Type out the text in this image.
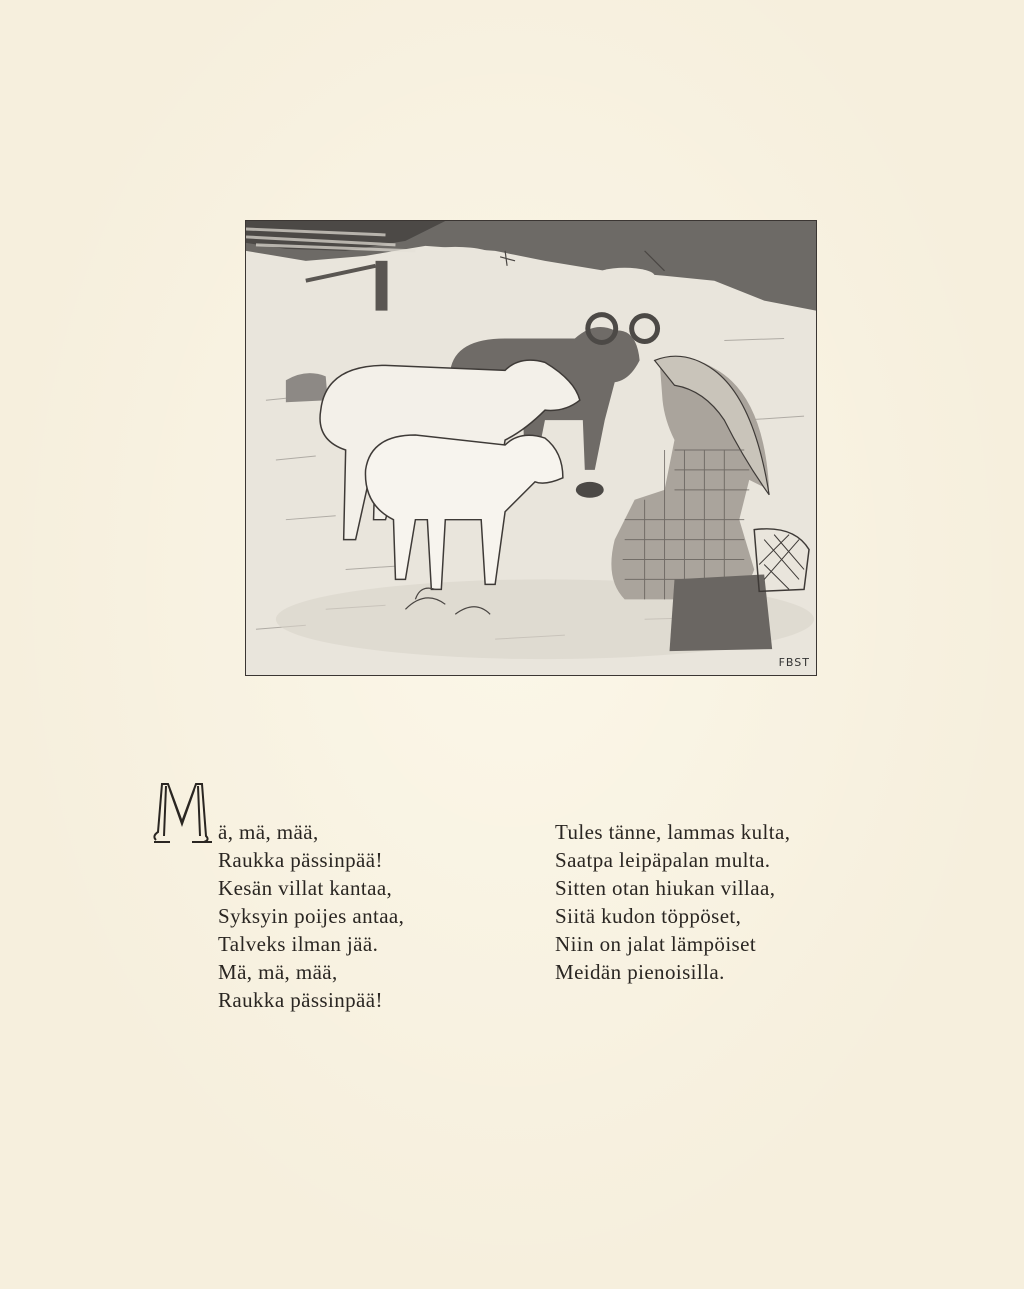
FBST
ä, mä, mää,
Raukka pässinpää!
Kesän villat kantaa,
Syksyin poijes antaa,
Talveks ilman jää.
Mä, mä, mää,
Raukka pässinpää!
Tules tänne, lammas kulta,
Saatpa leipäpalan multa.
Sitten otan hiukan villaa,
Siitä kudon töppöset,
Niin on jalat lämpöiset
Meidän pienoisilla.
